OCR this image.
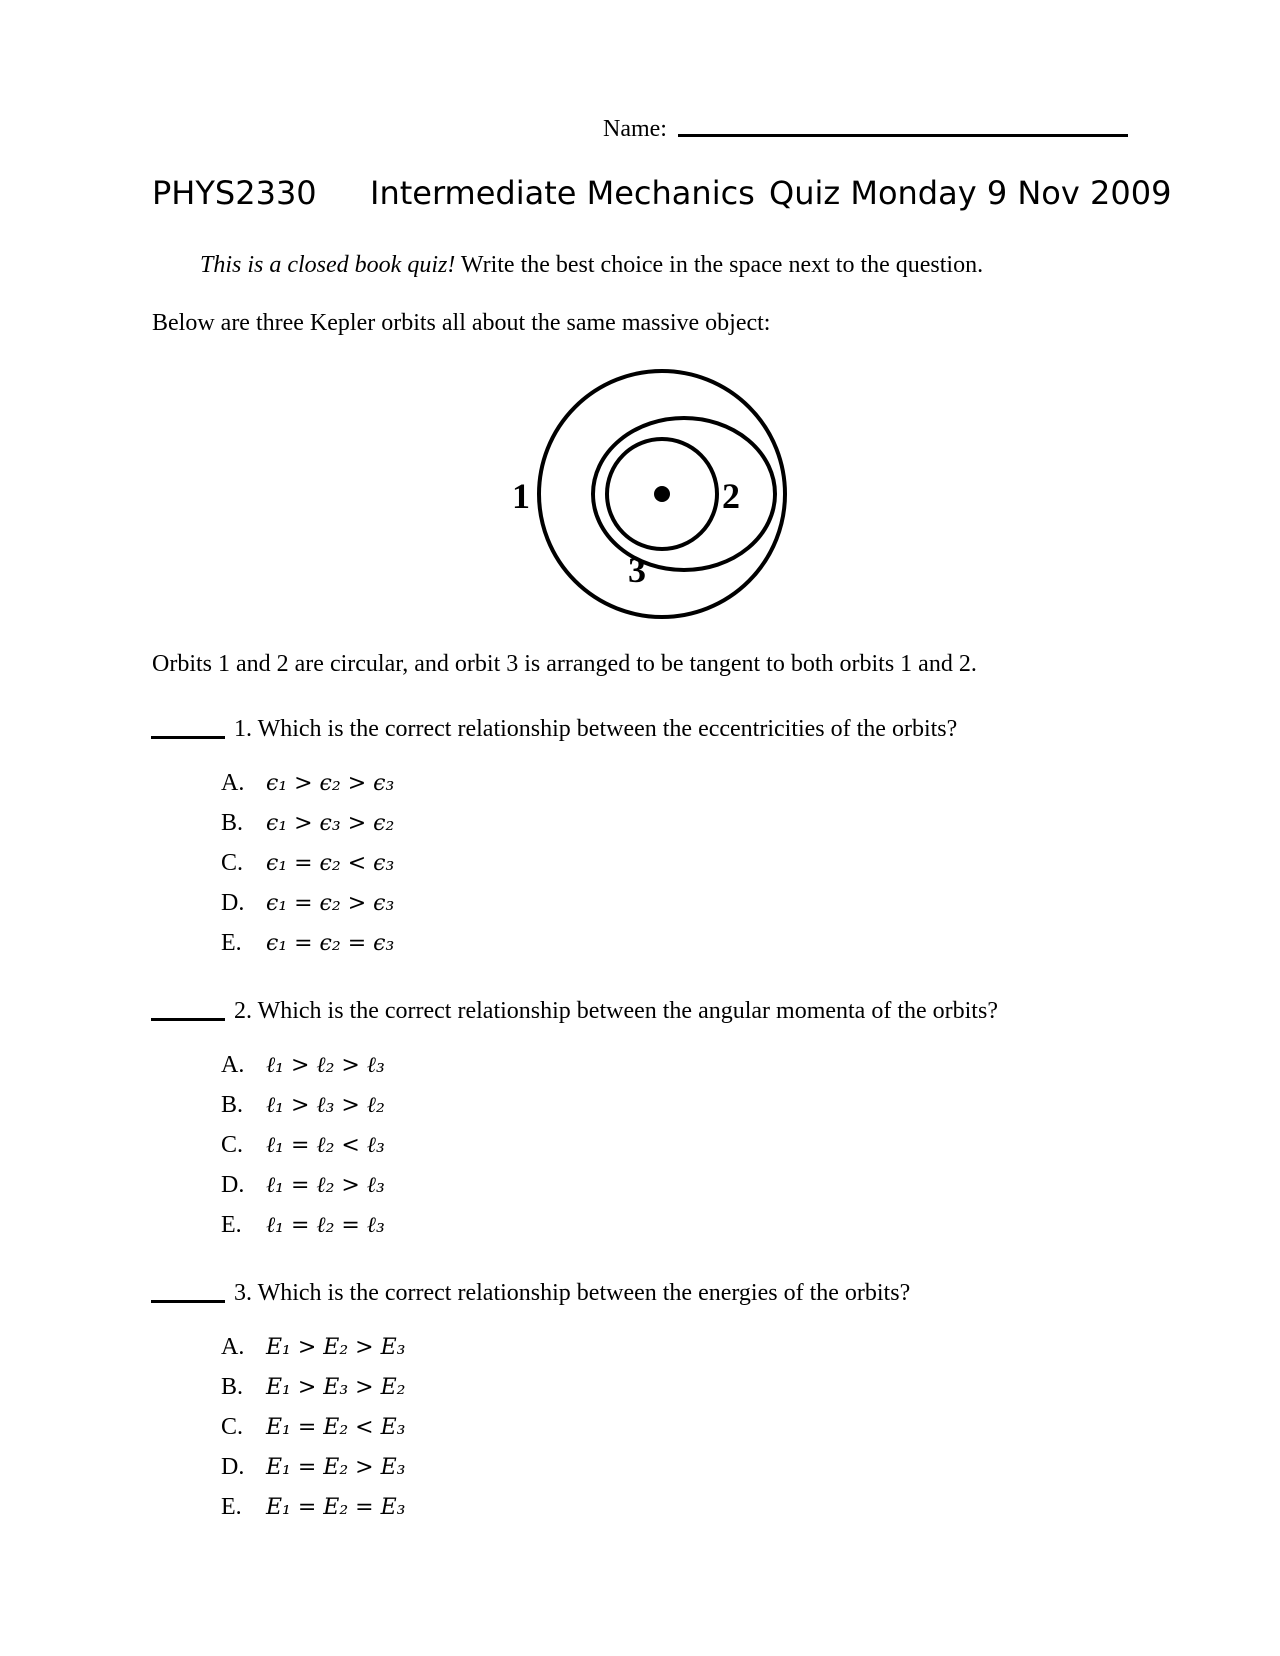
Name:
PHYS2330 Intermediate Mechanics Quiz Monday 9 Nov 2009
This is a closed book quiz! Write the best choice in the space next to the question.
Below are three Kepler orbits all about the same massive object:
1	2
3
Orbits 1 and 2 are circular, and orbit 3 is arranged to be tangent to both orbits 1 and 2.
1. Which is the correct relationship between the eccentricities of the orbits?
A. ϵ₁ > ϵ₂ > ϵ₃
B. ϵ₁ > ϵ₃ > ϵ₂
C. ϵ₁ = ϵ₂ < ϵ₃
D. ϵ₁ = ϵ₂ > ϵ₃
E. ϵ₁ = ϵ₂ = ϵ₃
2. Which is the correct relationship between the angular momenta of the orbits?
A. ℓ₁ > ℓ₂ > ℓ₃
B. ℓ₁ > ℓ₃ > ℓ₂
C. ℓ₁ = ℓ₂ < ℓ₃
D. ℓ₁ = ℓ₂ > ℓ₃
E. ℓ₁ = ℓ₂ = ℓ₃
3. Which is the correct relationship between the energies of the orbits?
A. E₁ > E₂ > E₃
B. E₁ > E₃ > E₂
C. E₁ = E₂ < E₃
D. E₁ = E₂ > E₃
E. E₁ = E₂ = E₃
